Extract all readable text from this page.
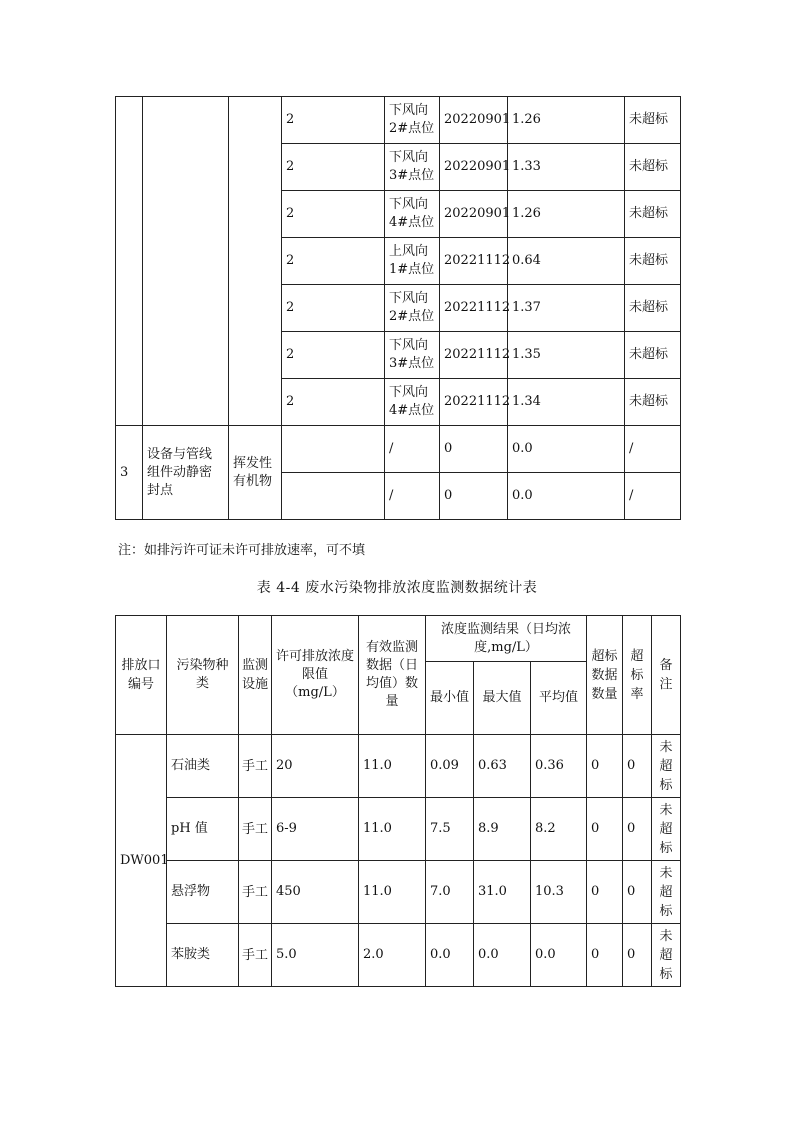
			2	下风向2#点位	20220901	1.26	未超标
			2	下风向3#点位	20220901	1.33	未超标
			2	下风向4#点位	20220901	1.26	未超标
			2	上风向1#点位	20221112	0.64	未超标
			2	下风向2#点位	20221112	1.37	未超标
			2	下风向3#点位	20221112	1.35	未超标
			2	下风向4#点位	20221112	1.34	未超标
3	设备与管线组件动静密封点	挥发性有机物		/	0	0.0	/
				/	0	0.0	/
注：如排污许可证未许可排放速率，可不填
表 4-4 废水污染物排放浓度监测数据统计表
排放口编号	污染物种类	监测设施	许可排放浓度限值（mg/L）	有效监测数据（日均值）数量	浓度监测结果（日均浓度,mg/L）			超标数据数量	超标率	备注
					最小值	最大值	平均值			
DW001	石油类	手工	20	11.0	0.09	0.63	0.36	0	0	未超标
	pH 值	手工	6-9	11.0	7.5	8.9	8.2	0	0	未超标
	悬浮物	手工	450	11.0	7.0	31.0	10.3	0	0	未超标
	苯胺类	手工	5.0	2.0	0.0	0.0	0.0	0	0	未超标
